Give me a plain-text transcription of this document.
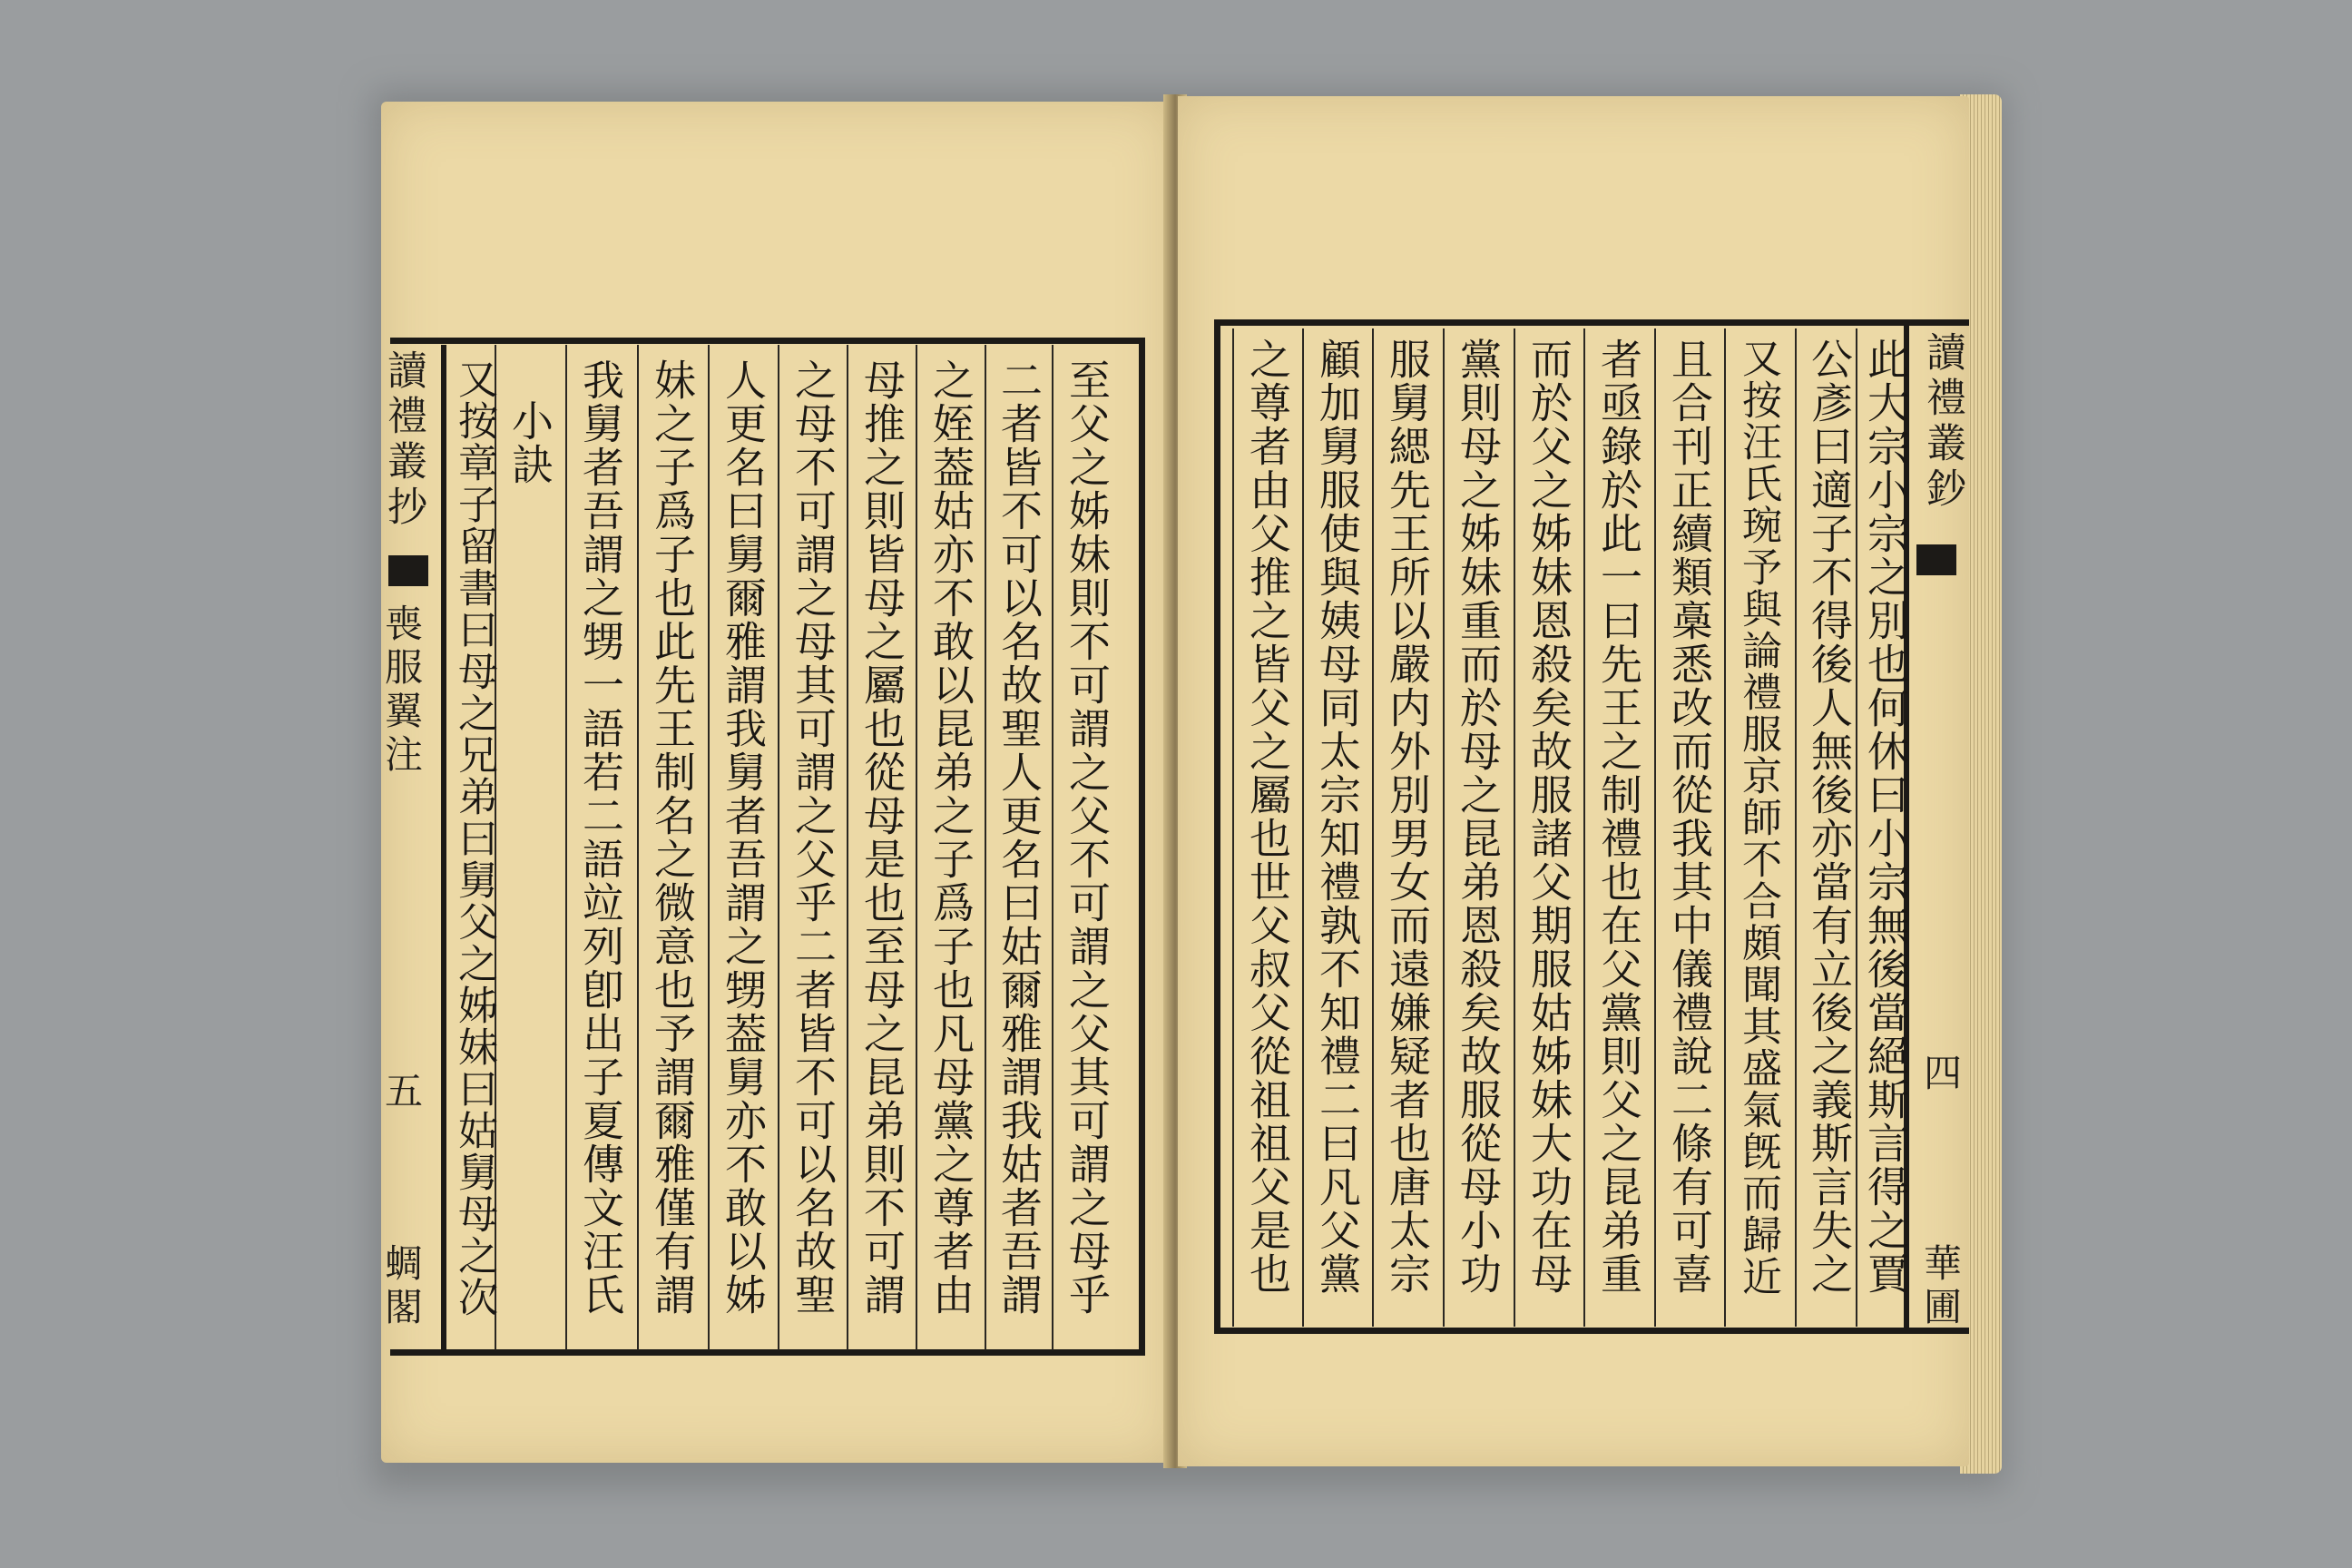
讀禮叢抄
喪服翼注
五
蜩閣	至父之姊妹則不可謂之父不可謂之父其可謂之母乎
二者皆不可以名故聖人更名曰姑爾雅謂我姑者吾謂
之姪葢姑亦不敢以昆弟之子爲子也凡母黨之尊者由
母推之則皆母之屬也從母是也至母之昆弟則不可謂
之母不可謂之母其可謂之父乎二者皆不可以名故聖
人更名曰舅爾雅謂我舅者吾謂之甥葢舅亦不敢以姊
妹之子爲子也此先王制名之微意也予謂爾雅僅有謂
我舅者吾謂之甥一語若二語竝列卽出子夏傳文汪氏
小訣
又按章子留書曰母之兄弟曰舅父之姊妹曰姑舅母之次	讀禮叢鈔
四
華圃
此大宗小宗之別也何休曰小宗無後當絕斯言得之賈
公彥曰適子不得後人無後亦當有立後之義斯言失之
又按汪氏琬予與論禮服京師不合頗聞其盛氣旣而歸近
且合刊正續類槀悉改而從我其中儀禮說二條有可喜
者亟錄於此一曰先王之制禮也在父黨則父之昆弟重
而於父之姊妹恩殺矣故服諸父期服姑姊妹大功在母
黨則母之姊妹重而於母之昆弟恩殺矣故服從母小功
服舅緦先王所以嚴内外別男女而遠嫌疑者也唐太宗
顧加舅服使與姨母同太宗知禮孰不知禮二曰凡父黨
之尊者由父推之皆父之屬也世父叔父從祖祖父是也
